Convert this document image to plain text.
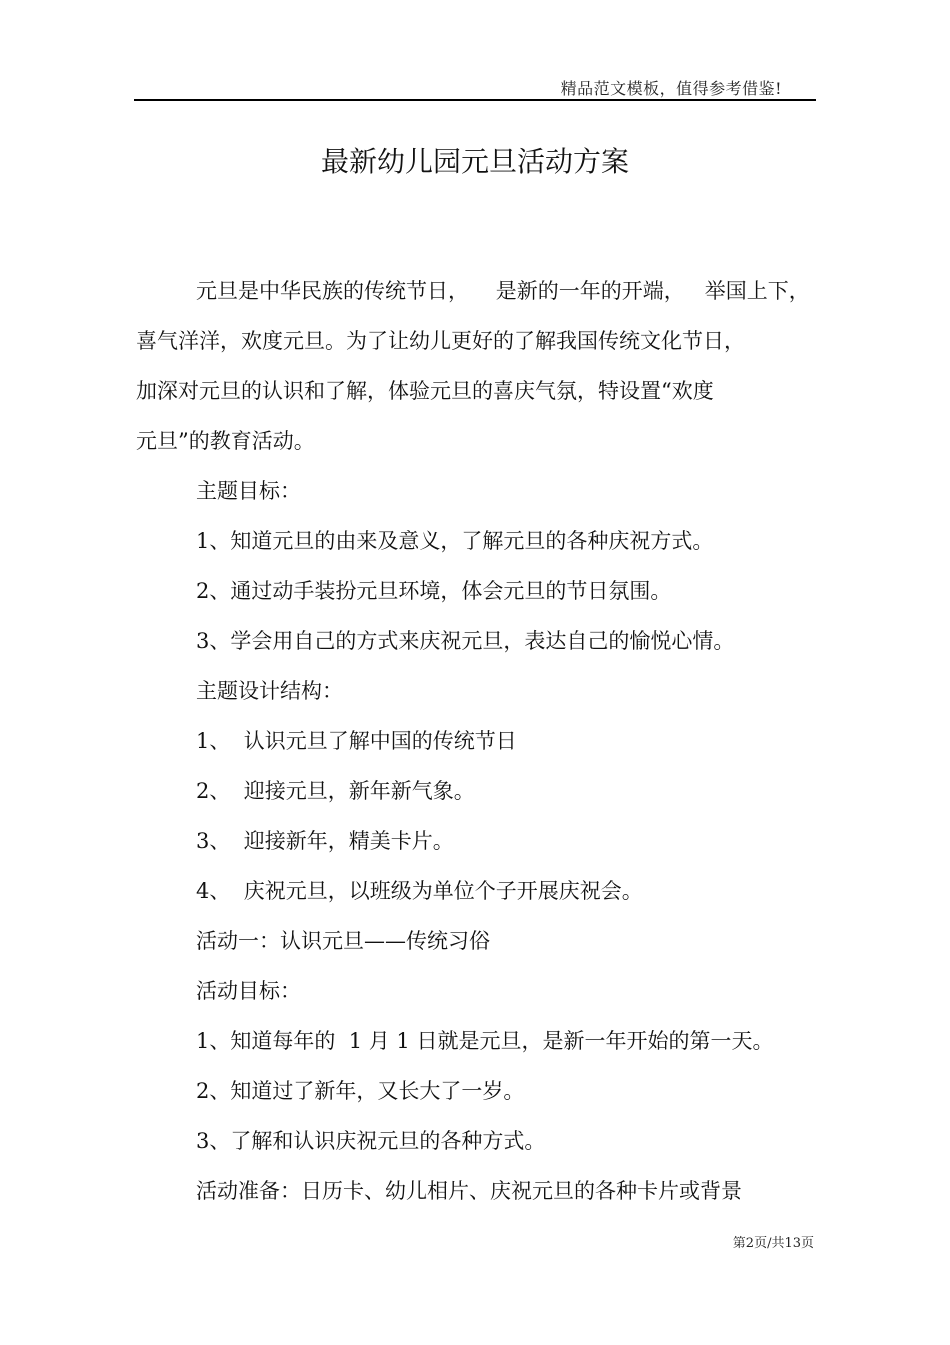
精品范文模板，值得参考借鉴!
最新幼儿园元旦活动方案
元旦是中华民族的传统节日，    是新的一年的开端，   举国上下，
喜气洋洋，欢度元旦。为了让幼儿更好的了解我国传统文化节日，
加深对元旦的认识和了解，体验元旦的喜庆气氛，特设置“欢度
元旦”的教育活动。
主题目标：
1、知道元旦的由来及意义，了解元旦的各种庆祝方式。
2、通过动手装扮元旦环境，体会元旦的节日氛围。
3、学会用自己的方式来庆祝元旦，表达自己的愉悦心情。
主题设计结构：
1、  认识元旦了解中国的传统节日
2、  迎接元旦，新年新气象。
3、  迎接新年，精美卡片。
4、  庆祝元旦，以班级为单位个子开展庆祝会。
活动一：认识元旦——传统习俗
活动目标：
1、知道每年的  1 月 1 日就是元旦，是新一年开始的第一天。
2、知道过了新年，又长大了一岁。
3、了解和认识庆祝元旦的各种方式。
活动准备：日历卡、幼儿相片、庆祝元旦的各种卡片或背景
第2页/共13页
